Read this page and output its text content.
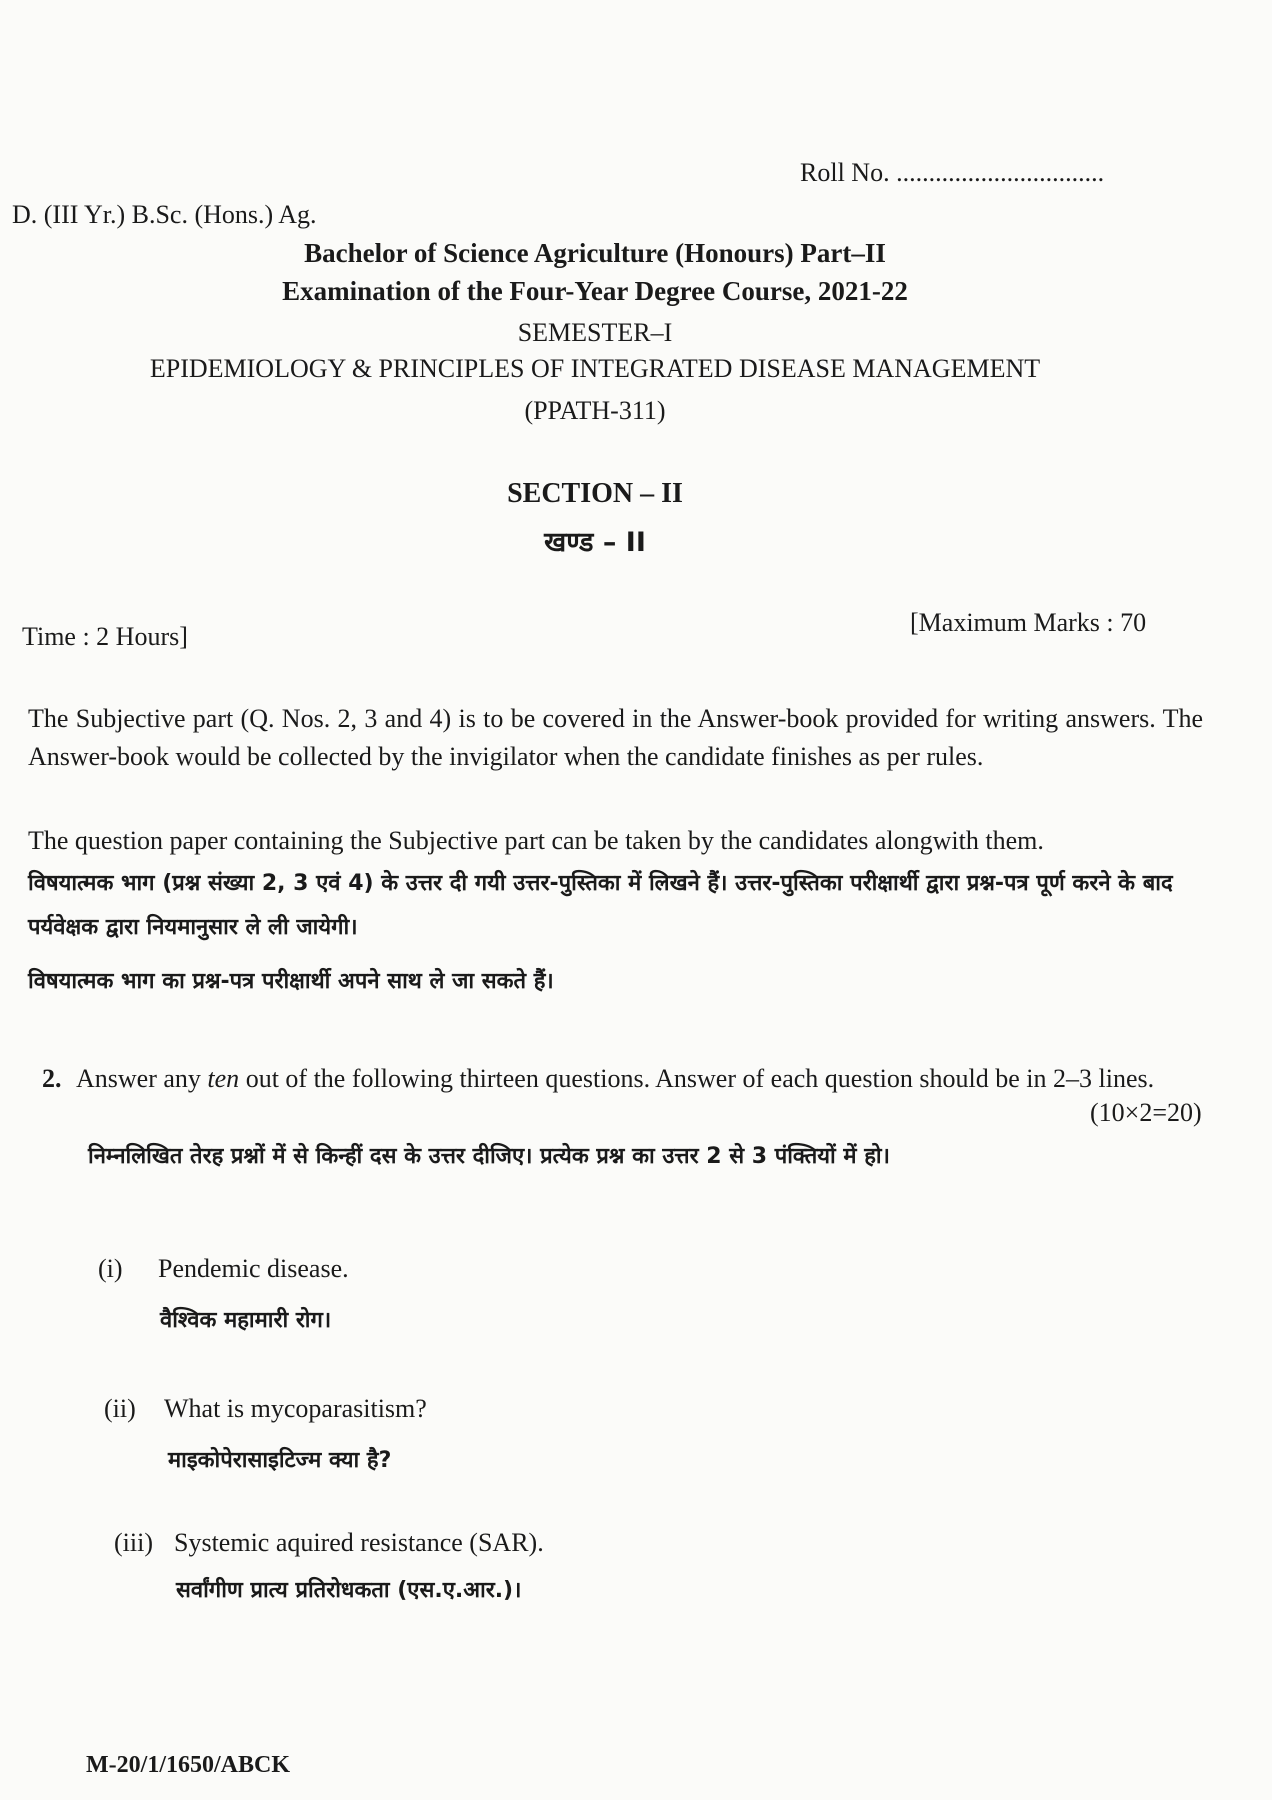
Roll No. ................................
D. (III Yr.) B.Sc. (Hons.) Ag.
Bachelor of Science Agriculture (Honours) Part–II
Examination of the Four-Year Degree Course, 2021-22
SEMESTER–I
EPIDEMIOLOGY & PRINCIPLES OF INTEGRATED DISEASE MANAGEMENT
(PPATH-311)
SECTION – II
खण्ड – II
Time : 2 Hours]	[Maximum Marks : 70
The Subjective part (Q. Nos. 2, 3 and 4) is to be covered in the Answer-book provided for writing answers. The Answer-book would be collected by the invigilator when the candidate finishes as per rules.
The question paper containing the Subjective part can be taken by the candidates alongwith them.
विषयात्मक भाग (प्रश्न संख्या 2, 3 एवं 4) के उत्तर दी गयी उत्तर-पुस्तिका में लिखने हैं। उत्तर-पुस्तिका परीक्षार्थी द्वारा प्रश्न-पत्र पूर्ण करने के बाद पर्यवेक्षक द्वारा नियमानुसार ले ली जायेगी।
विषयात्मक भाग का प्रश्न-पत्र परीक्षार्थी अपने साथ ले जा सकते हैं।
2. Answer any ten out of the following thirteen questions. Answer of each question should be in 2–3 lines.
(10×2=20)
निम्नलिखित तेरह प्रश्नों में से किन्हीं दस के उत्तर दीजिए। प्रत्येक प्रश्न का उत्तर 2 से 3 पंक्तियों में हो।
(i) Pendemic disease.
वैश्विक महामारी रोग।
(ii) What is mycoparasitism?
माइकोपेरासाइटिज्म क्या है?
(iii) Systemic aquired resistance (SAR).
सर्वांगीण प्रात्य प्रतिरोधकता (एस.ए.आर.)।
M-20/1/1650/ABCK
